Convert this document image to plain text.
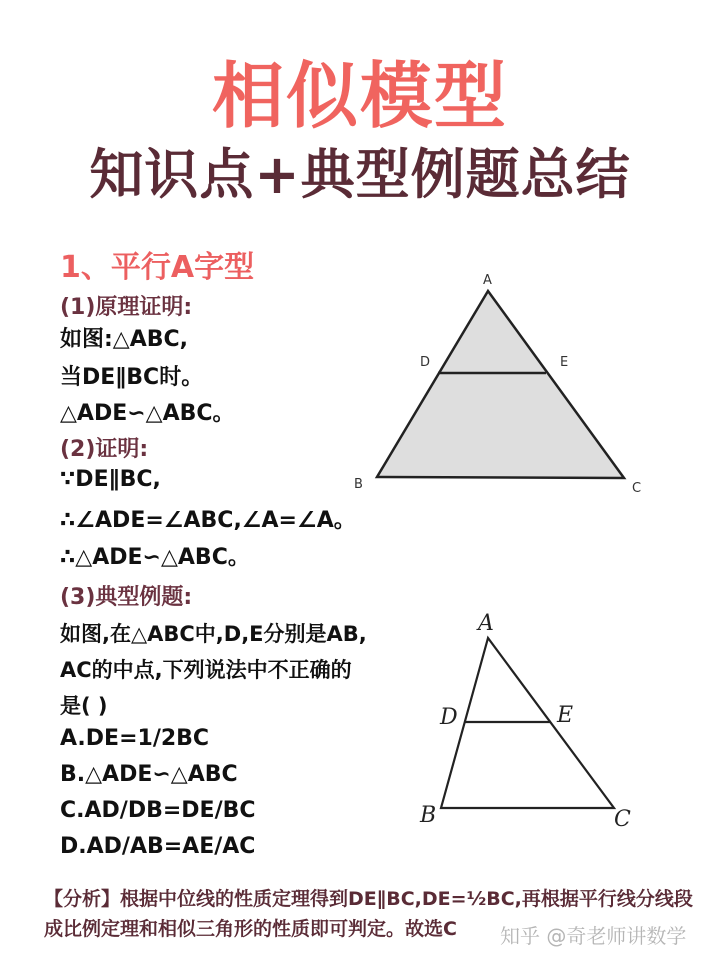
相似模型
知识点+典型例题总结
1、平行A字型
(1)原理证明:
如图:△ABC,
当DE∥BC时。
△ADE∽△ABC。
(2)证明:
∵DE∥BC,
∴∠ADE=∠ABC,∠A=∠A。
∴△ADE∽△ABC。
(3)典型例题:
如图,在△ABC中,D,E分别是AB,
AC的中点,下列说法中不正确的
是( )
A.DE=1/2BC
B.△ADE∽△ABC
C.AD/DB=DE/BC
D.AD/AB=AE/AC
A
B	C
D	E
A
B	C
D	E
【分析】根据中位线的性质定理得到DE∥BC,DE=½BC,再根据平行线分线段成比例定理和相似三角形的性质即可判定。故选C	知乎 @奇老师讲数学
